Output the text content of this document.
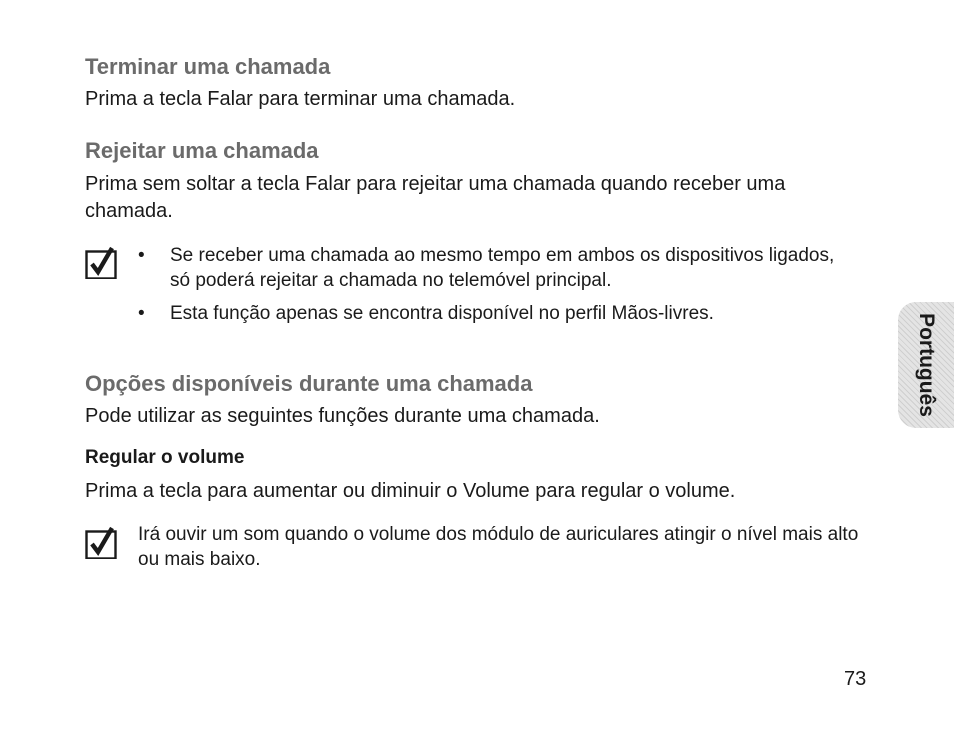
Terminar uma chamada

Prima a tecla Falar para terminar uma chamada.

Rejeitar uma chamada

Prima sem soltar a tecla Falar para rejeitar uma chamada quando receber uma chamada.

• Se receber uma chamada ao mesmo tempo em ambos os dispositivos ligados, só poderá rejeitar a chamada no telemóvel principal.

• Esta função apenas se encontra disponível no perfil Mãos-livres.

Opções disponíveis durante uma chamada

Pode utilizar as seguintes funções durante uma chamada.

Regular o volume

Prima a tecla para aumentar ou diminuir o Volume para regular o volume.

Irá ouvir um som quando o volume dos módulo de auriculares atingir o nível mais alto ou mais baixo.

Português
73
